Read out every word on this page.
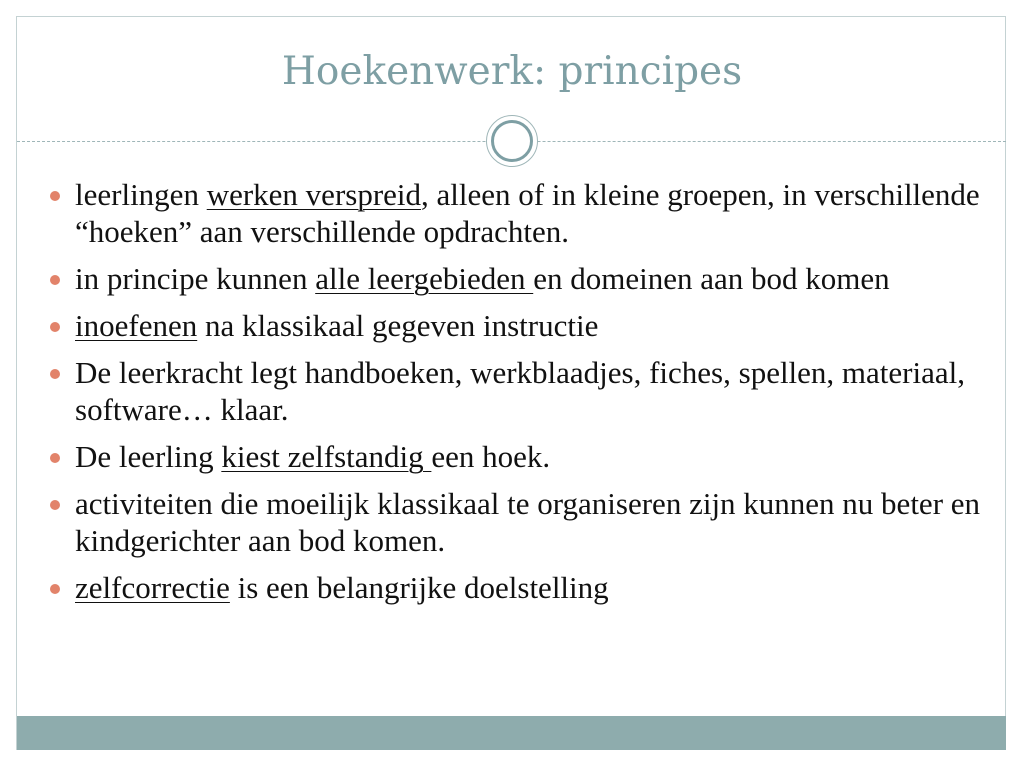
Hoekenwerk: principes
leerlingen werken verspreid, alleen of in kleine groepen, in verschillende “hoeken” aan verschillende opdrachten.
in principe kunnen alle leergebieden en domeinen aan bod komen
inoefenen na klassikaal gegeven instructie
De leerkracht legt handboeken, werkblaadjes, fiches, spellen, materiaal, software… klaar.
De leerling kiest zelfstandig een hoek.
activiteiten die moeilijk klassikaal te organiseren zijn kunnen nu beter en kindgerichter aan bod komen.
zelfcorrectie is een belangrijke doelstelling
